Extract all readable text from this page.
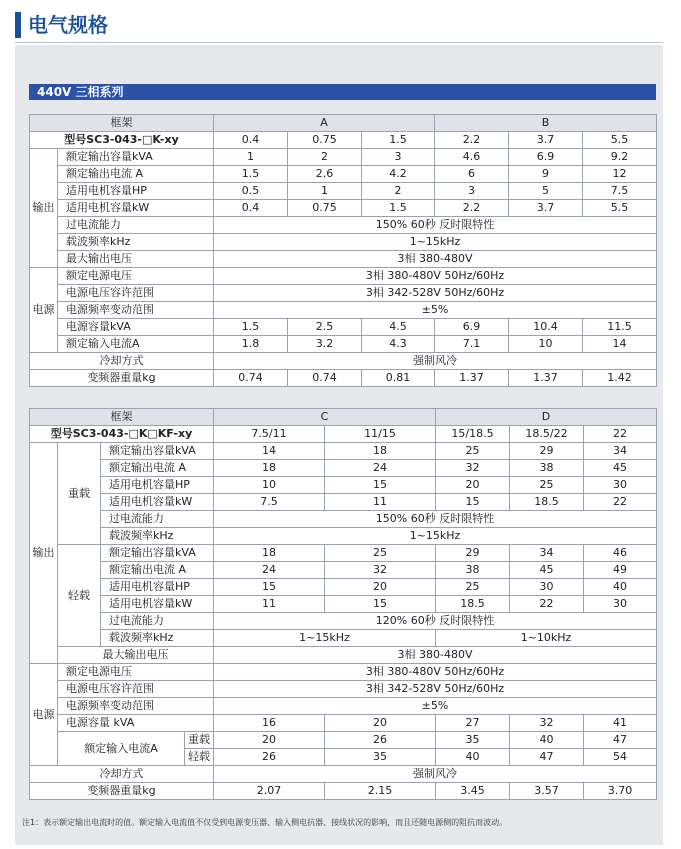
电气规格
440V 三相系列
框架		A			B		
型号SC3-043-□K-xy		0.4	0.75	1.5	2.2	3.7	5.5
输出	额定输出容量kVA	1	2	3	4.6	6.9	9.2
	额定输出电流 A	1.5	2.6	4.2	6	9	12
	适用电机容量HP	0.5	1	2	3	5	7.5
	适用电机容量kW	0.4	0.75	1.5	2.2	3.7	5.5
	过电流能力	150% 60秒 反时限特性					
	载波频率kHz	1~15kHz					
	最大输出电压	3相 380-480V					
电源	额定电源电压	3相 380-480V 50Hz/60Hz					
	电源电压容许范围	3相 342-528V 50Hz/60Hz					
	电源频率变动范围	±5%					
	电源容量kVA	1.5	2.5	4.5	6.9	10.4	11.5
	额定输入电流A	1.8	3.2	4.3	7.1	10	14
冷却方式		强制风冷					
变频器重量kg		0.74	0.74	0.81	1.37	1.37	1.42
框架				C		D		
型号SC3-043-□K□KF-xy				7.5/11	11/15	15/18.5	18.5/22	22
输出	重载	额定输出容量kVA		14	18	25	29	34
		额定输出电流 A		18	24	32	38	45
		适用电机容量HP		10	15	20	25	30
		适用电机容量kW		7.5	11	15	18.5	22
		过电流能力		150% 60秒 反时限特性				
		载波频率kHz		1~15kHz				
	轻载	额定输出容量kVA		18	25	29	34	46
		额定输出电流 A		24	32	38	45	49
		适用电机容量HP		15	20	25	30	40
		适用电机容量kW		11	15	18.5	22	30
		过电流能力		120% 60秒 反时限特性				
		载波频率kHz		1~15kHz		1~10kHz		
	最大输出电压			3相 380-480V				
电源	额定电源电压			3相 380-480V 50Hz/60Hz				
	电源电压容许范围			3相 342-528V 50Hz/60Hz				
	电源频率变动范围			±5%				
	电源容量 kVA			16	20	27	32	41
	额定输入电流A		重载	20	26	35	40	47
			轻载	26	35	40	47	54
冷却方式				强制风冷				
变频器重量kg				2.07	2.15	3.45	3.57	3.70
注1：表示额定输出电流时的值。额定输入电流值不仅受到电源变压器、输入侧电抗器、接线状况的影响，而且还随电源侧的阻抗而波动。
